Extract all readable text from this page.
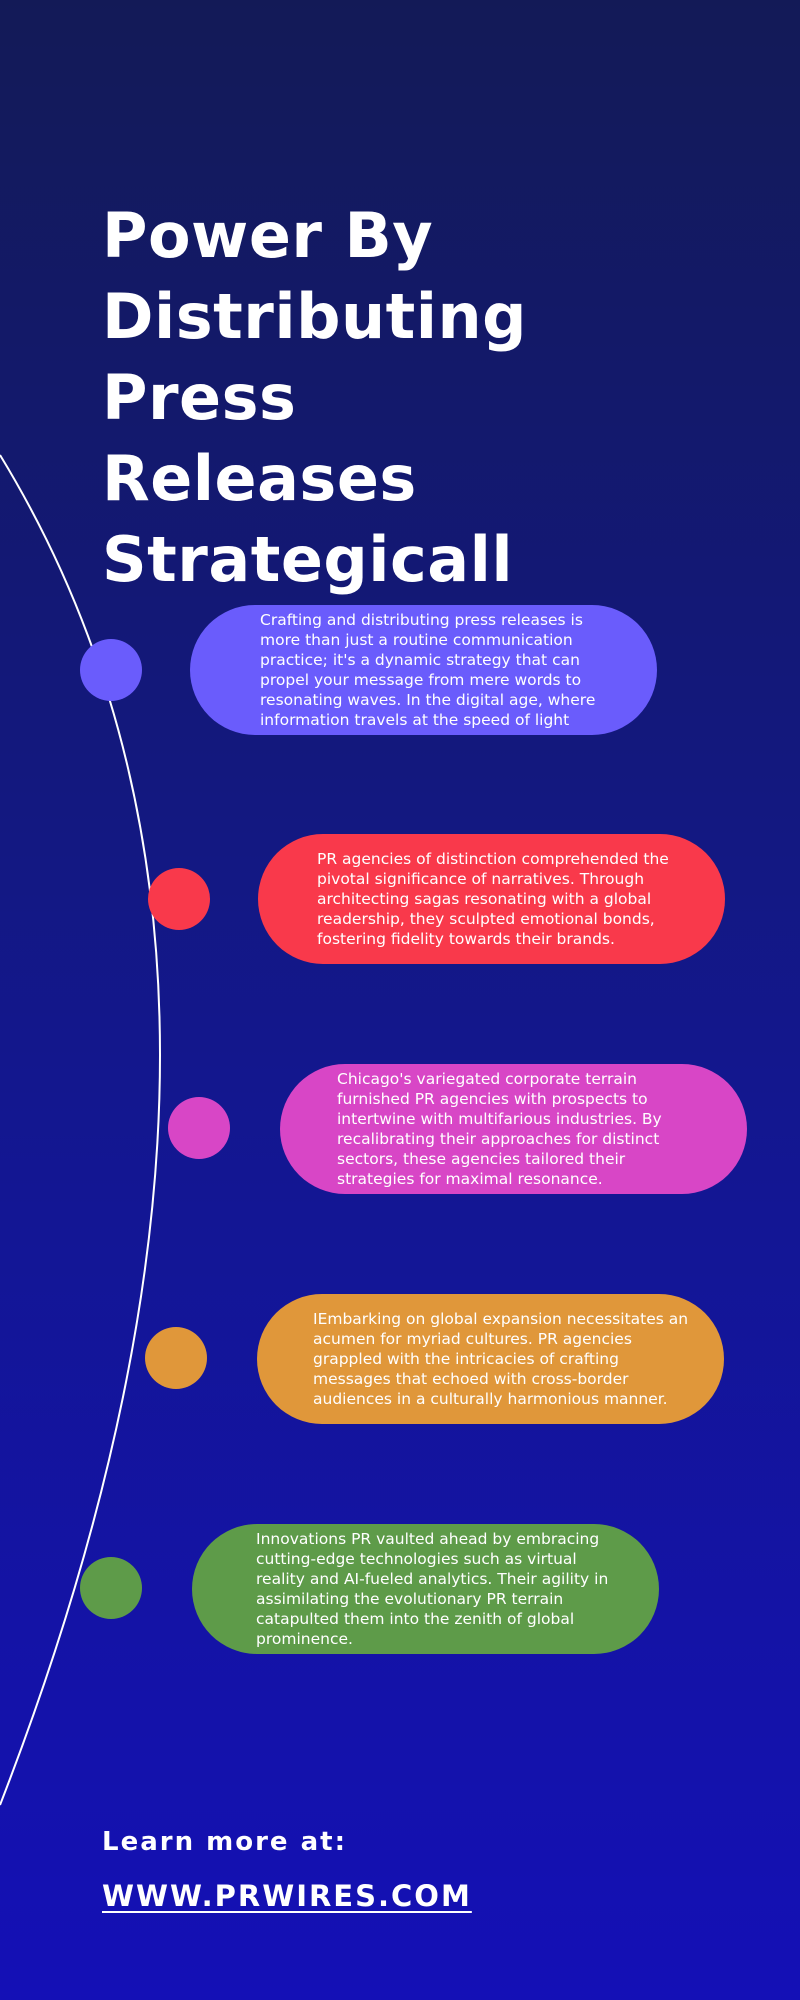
Power By
Distributing Press
Releases
Strategicall

Crafting and distributing press releases is more than just a routine communication practice; it's a dynamic strategy that can propel your message from mere words to resonating waves. In the digital age, where information travels at the speed of light

PR agencies of distinction comprehended the pivotal significance of narratives. Through architecting sagas resonating with a global readership, they sculpted emotional bonds, fostering fidelity towards their brands.

Chicago's variegated corporate terrain furnished PR agencies with prospects to intertwine with multifarious industries. By recalibrating their approaches for distinct sectors, these agencies tailored their strategies for maximal resonance.

IEmbarking on global expansion necessitates an acumen for myriad cultures. PR agencies grappled with the intricacies of crafting messages that echoed with cross-border audiences in a culturally harmonious manner.

Innovations PR vaulted ahead by embracing cutting-edge technologies such as virtual reality and AI-fueled analytics. Their agility in assimilating the evolutionary PR terrain catapulted them into the zenith of global prominence.

Learn more at:
WWW.PRWIRES.COM
